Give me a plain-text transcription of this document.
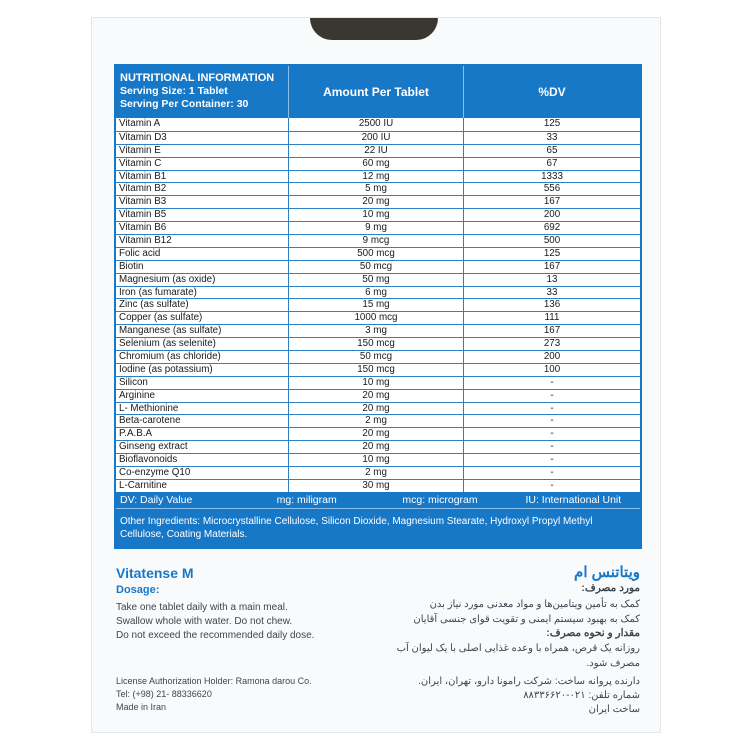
NUTRITIONAL INFORMATION
Serving Size: 1 Tablet
Serving Per Container: 30
Amount Per Tablet	%DV
Vitamin A	2500 IU	125
Vitamin D3	200 IU	33
Vitamin E	22 IU	65
Vitamin C	60 mg	67
Vitamin B1	12 mg	1333
Vitamin B2	5 mg	556
Vitamin B3	20 mg	167
Vitamin B5	10 mg	200
Vitamin B6	9 mg	692
Vitamin B12	9 mcg	500
Folic acid	500 mcg	125
Biotin	50 mcg	167
Magnesium (as oxide)	50 mg	13
Iron (as fumarate)	6 mg	33
Zinc (as sulfate)	15 mg	136
Copper (as sulfate)	1000 mcg	111
Manganese (as sulfate)	3 mg	167
Selenium (as selenite)	150 mcg	273
Chromium (as chloride)	50 mcg	200
Iodine (as potassium)	150 mcg	100
Silicon	10 mg	-
Arginine	20 mg	-
L- Methionine	20 mg	-
Beta-carotene	2 mg	-
P.A.B.A	20 mg	-
Ginseng extract	20 mg	-
Bioflavonoids	10 mg	-
Co-enzyme Q10	2 mg	-
L-Carnitine	30 mg	-
DV: Daily Value	mg: miligram	mcg: microgram	IU: International Unit
Other Ingredients: Microcrystalline Cellulose, Silicon Dioxide, Magnesium Stearate, Hydroxyl Propyl Methyl Cellulose, Coating Materials.
Vitatense M
Dosage:
Take one tablet daily with a main meal.
Swallow whole with water. Do not chew.
Do not exceed the recommended daily dose.
License Authorization Holder: Ramona darou Co.
Tel: (+98) 21- 88336620
Made in Iran
ویتاتنس ام
مورد مصرف:
کمک به تأمین ویتامین‌ها و مواد معدنی مورد نیاز بدن
کمک به بهبود سیستم ایمنی و تقویت قوای جنسی آقایان
مقدار و نحوه مصرف:
روزانه یک قرص، همراه با وعده غذایی اصلی با یک لیوان آب
مصرف شود.
دارنده پروانه ساخت: شرکت رامونا دارو، تهران، ایران.
شماره تلفن: ۰۲۱-۸۸۳۳۶۶۲۰
ساخت ایران
